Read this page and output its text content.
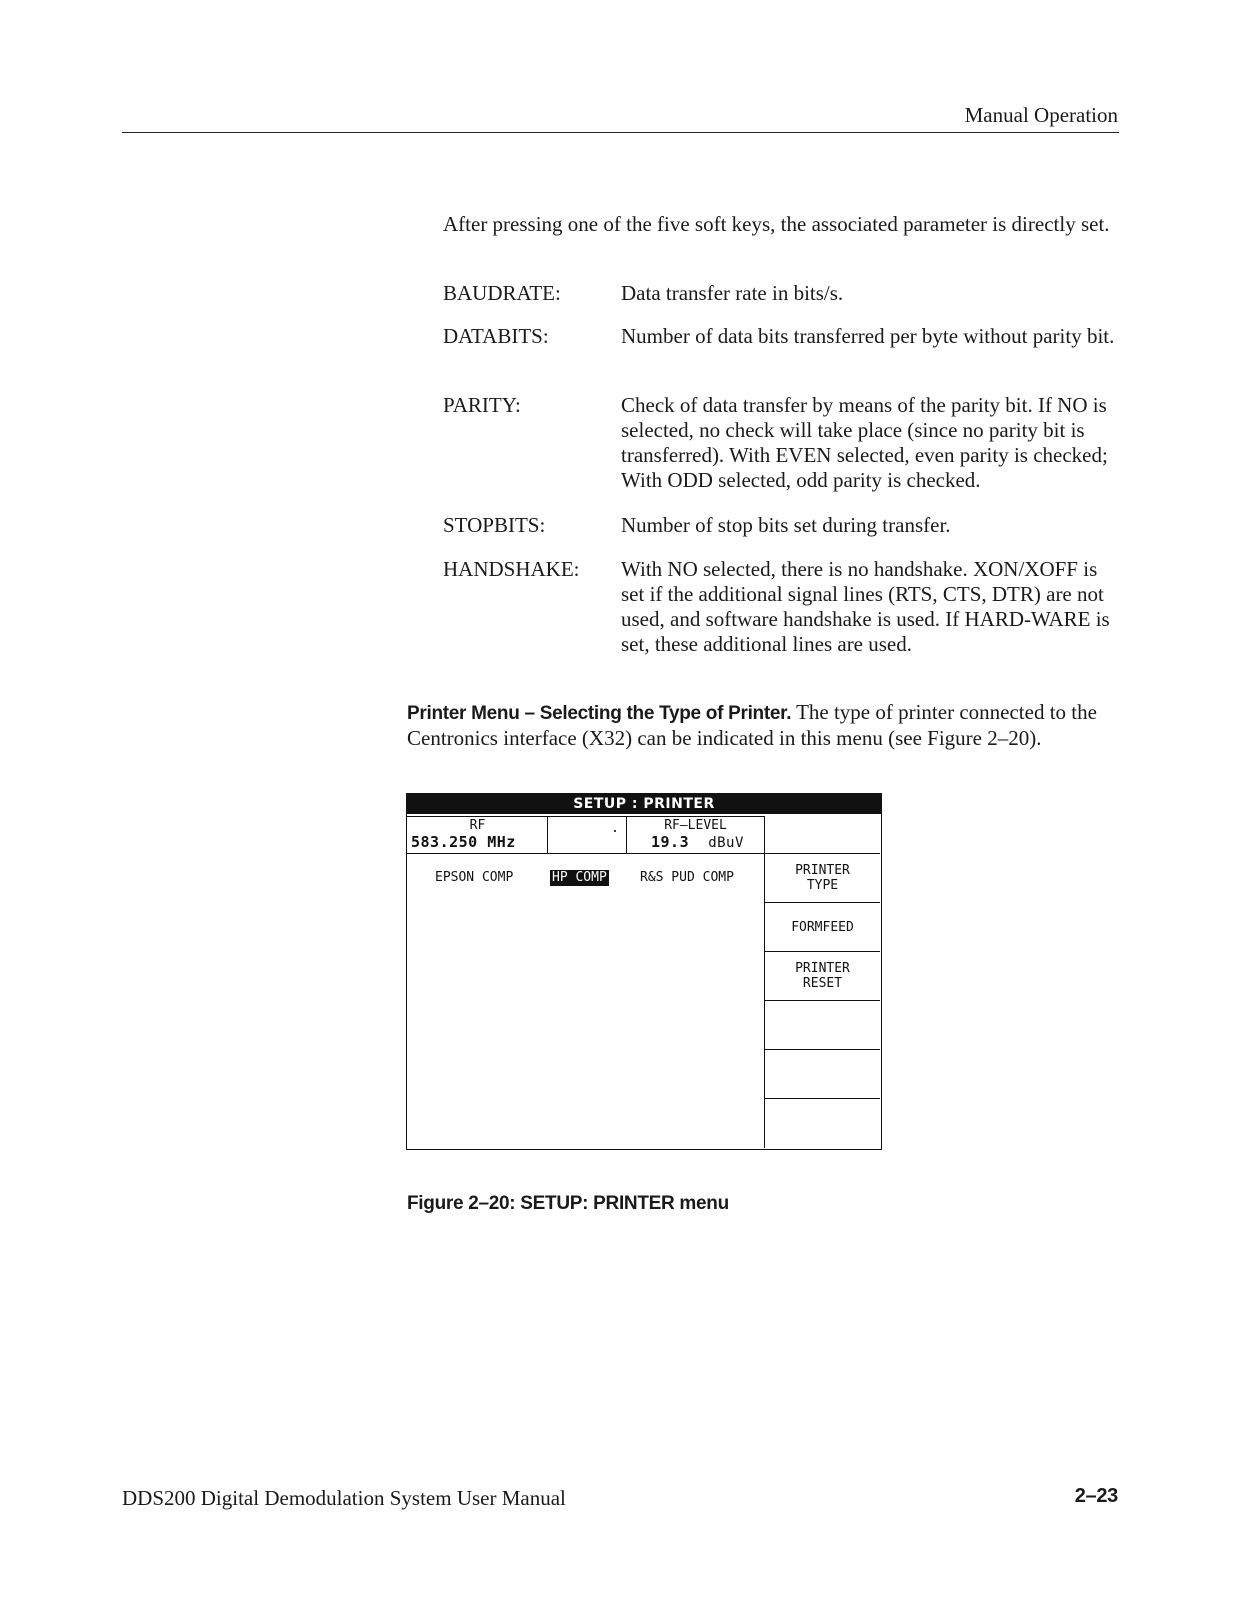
Manual Operation
After pressing one of the five soft keys, the associated parameter is directly set.
BAUDRATE:	Data transfer rate in bits/s.
DATABITS:	Number of data bits transferred per byte without parity bit.
PARITY:	Check of data transfer by means of the parity bit. If NO is selected, no check will take place (since no parity bit is transferred). With EVEN selected, even parity is checked; With ODD selected, odd parity is checked.
STOPBITS:	Number of stop bits set during transfer.
HANDSHAKE:	With NO selected, there is no handshake. XON/XOFF is set if the additional signal lines (RTS, CTS, DTR) are not used, and software handshake is used. If HARD-WARE is set, these additional lines are used.
Printer Menu – Selecting the Type of Printer. The type of printer connected to the Centronics interface (X32) can be indicated in this menu (see Figure 2–20).
SETUP : PRINTER
RF
583.250 MHz
.	RF–LEVEL
19.3 dBuV
EPSON COMP	HP COMP	R&S PUD COMP	PRINTER
TYPE
FORMFEED
PRINTER
RESET
Figure 2–20: SETUP: PRINTER menu
DDS200 Digital Demodulation System User Manual	2–23
